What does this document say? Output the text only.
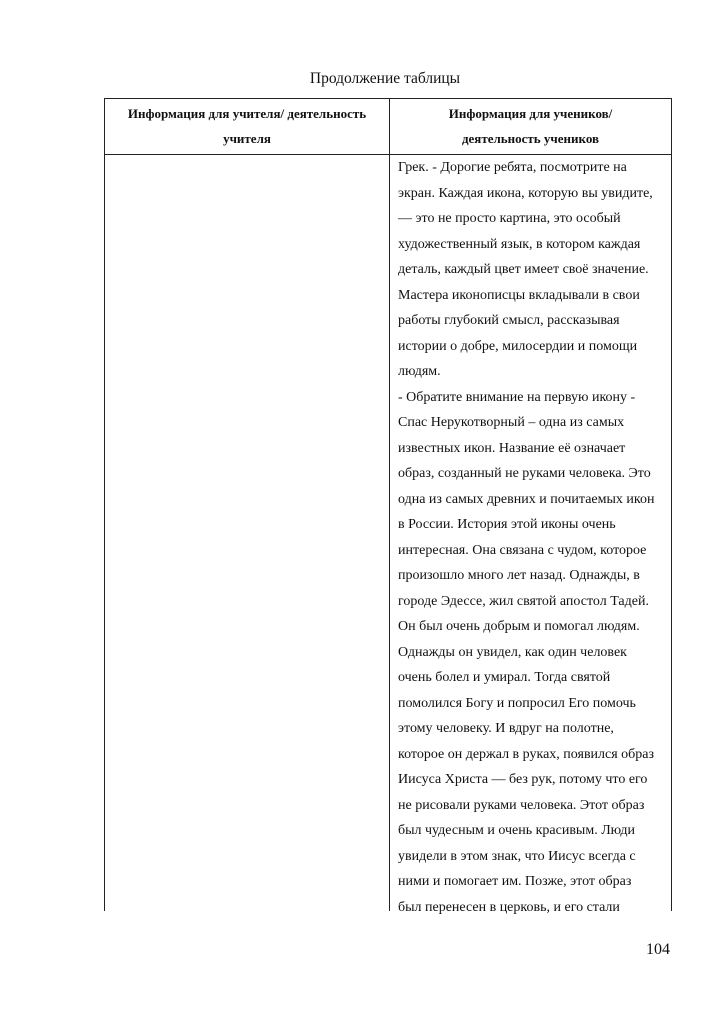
Продолжение таблицы
Информация для учителя/ деятельность
учителя
Информация для учеников/
деятельность учеников
Грек. - Дорогие ребята, посмотрите на
экран. Каждая икона, которую вы увидите,
— это не просто картина, это особый
художественный язык, в котором каждая
деталь, каждый цвет имеет своё значение.
Мастера иконописцы вкладывали в свои
работы глубокий смысл, рассказывая
истории о добре, милосердии и помощи
людям.
- Обратите внимание на первую икону -
Спас Нерукотворный – одна из самых
известных икон. Название её означает
образ, созданный не руками человека. Это
одна из самых древних и почитаемых икон
в России. История этой иконы очень
интересная. Она связана с чудом, которое
произошло много лет назад. Однажды, в
городе Эдессе, жил святой апостол Тадей.
Он был очень добрым и помогал людям.
Однажды он увидел, как один человек
очень болел и умирал. Тогда святой
помолился Богу и попросил Его помочь
этому человеку. И вдруг на полотне,
которое он держал в руках, появился образ
Иисуса Христа — без рук, потому что его
не рисовали руками человека. Этот образ
был чудесным и очень красивым. Люди
увидели в этом знак, что Иисус всегда с
ними и помогает им. Позже, этот образ
был перенесен в церковь, и его стали
104
